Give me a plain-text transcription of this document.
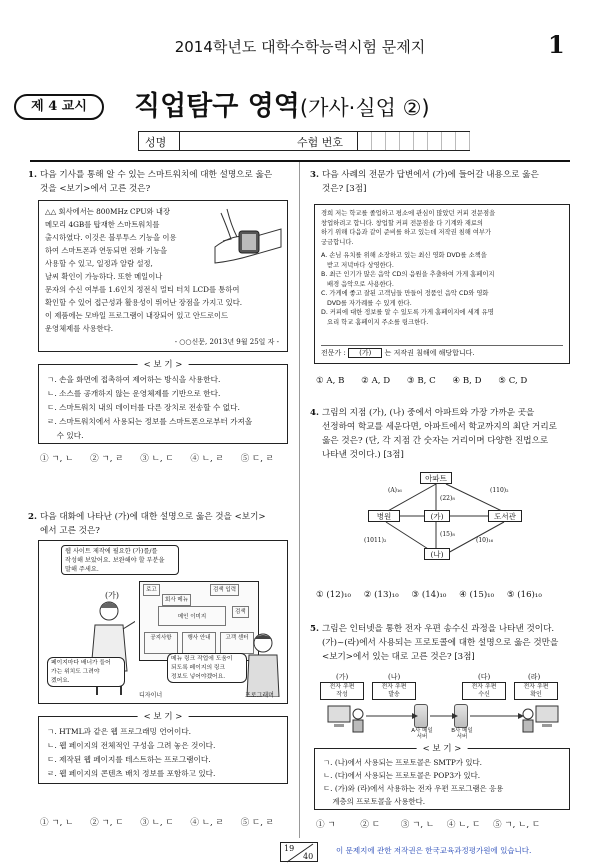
2014학년도 대학수학능력시험 문제지	1
제 4 교시	직업탐구 영역(가사·실업 ②)
성명	수험 번호
1. 다음 기사를 통해 알 수 있는 스마트워치에 대한 설명으로 옳은
것을 <보기>에서 고른 것은?
△△ 회사에서는 800MHz CPU와 내장
메모리 4GB를 탑재한 스마트워치를
출시하였다. 이것은 블루투스 기능을 이용
하여 스마트폰과 연동되면 전화 기능을
사용할 수 있고, 일정과 알람 설정,
날씨 확인이 가능하다. 또한 메일이나
문자의 수신 여부를 1.6인치 정전식 멀티 터치 LCD를 통하여
확인할 수 있어 접근성과 활용성이 뛰어난 장점을 가지고 있다.
이 제품에는 모바일 프로그램이 내장되어 있고 안드로이드
운영체제를 사용한다.
- ○○신문, 2013년 9월 25일 자 -
< 보 기 >
ㄱ. 손을 화면에 접촉하여 제어하는 방식을 사용한다.
ㄴ. 소스를 공개하지 않는 운영체제를 기반으로 한다.
ㄷ. 스마트워치 내의 데이터를 다른 장치로 전송할 수 없다.
ㄹ. 스마트워치에서 사용되는 정보를 스마트폰으로부터 가져올
수 있다.
① ㄱ, ㄴ ② ㄱ, ㄹ ③ ㄴ, ㄷ ④ ㄴ, ㄹ ⑤ ㄷ, ㄹ
2. 다음 대화에 나타난 (가)에 대한 설명으로 옳은 것을 <보기>
에서 고른 것은?
웹 사이트 제작에 필요한 (가)를/를
작성해 보았어요. 보완해야 할 부분을
말해 주세요.
(가)
로고
회사 메뉴
검색 입력
메인 이미지
검색
공지사항	행사 안내	고객 센터
페이지마다 배너가 들어
가는 위치도 그려야
겠어요.
메뉴 링크 작업에 도움이
되도록 페이지의 링크
정보도 넣어야겠어요.
디자이너	프로그래머
< 보 기 >
ㄱ. HTML과 같은 웹 프로그래밍 언어이다.
ㄴ. 웹 페이지의 전체적인 구성을 그려 놓은 것이다.
ㄷ. 제작된 웹 페이지를 테스트하는 프로그램이다.
ㄹ. 웹 페이지의 콘텐츠 배치 정보를 포함하고 있다.
① ㄱ, ㄴ ② ㄱ, ㄷ ③ ㄴ, ㄷ ④ ㄴ, ㄹ ⑤ ㄷ, ㄹ
3. 다음 사례의 전문가 답변에서 (가)에 들어갈 내용으로 옳은
것은? [3점]
경희 저는 학교를 졸업하고 평소에 관심이 많았던 커피 전문점을
창업하려고 합니다. 창업할 커피 전문점을 다 기계와 재료의
하기 위해 다음과 같이 준비를 하고 있는데 저작권 침해 여부가
궁금합니다.
A. 손님 유치를 위해 소장하고 있는 최신 영화 DVD를 소책을
받고 저녁마다 상영한다.
B. 최근 인기가 많은 음악 CD의 음원을 추출하여 가게 홈페이지
배경 음악으로 사용한다.
C. 가게에 좋고 잘된 고객님들 만들어 정품인 음악 CD와 영화
DVD를 자가례를 수 있게 한다.
D. 커피에 대한 정보를 알 수 있도록 가게 홈페이지에 세계 유명
요리 학교 홈페이지 주소를 링크한다.
전문가 : (가) 는 저작권 침해에 해당합니다.
① A, B ② A, D ③ B, C ④ B, D ⑤ C, D
4. 그림의 지점 (가), (나) 중에서 아파트와 가장 가까운 곳을
선정하여 학교를 세운다면, 아파트에서 학교까지의 최단 거리로
옳은 것은? (단, 각 지점 간 숫자는 거리이며 다양한 진법으로
나타낸 것이다.) [3점]
아파트
병원	(가)	도서관
(나)
(A)₁₆
(22)₈
(110)₂
(1011)₂
(15)₈
(10)₁₆
① (12)₁₀ ② (13)₁₀ ③ (14)₁₀ ④ (15)₁₀ ⑤ (16)₁₀
5. 그림은 인터넷을 통한 전자 우편 송수신 과정을 나타낸 것이다.
(가)~(라)에서 사용되는 프로토콜에 대한 설명으로 옳은 것만을
<보기>에서 있는 대로 고른 것은? [3점]
(가)	(나)	(다)	(라)
전자 우편
작성
전자 우편
발송
전자 우편
수신
전자 우편
확인
A사 메일
서버
B사 메일
서버
< 보 기 >
ㄱ. (나)에서 사용되는 프로토콜은 SMTP가 있다.
ㄴ. (다)에서 사용되는 프로토콜은 POP3가 있다.
ㄷ. (가)와 (라)에서 사용하는 전자 우편 프로그램은 응용
계층의 프로토콜을 사용한다.
① ㄱ	② ㄷ ③ ㄱ, ㄴ ④ ㄴ, ㄷ ⑤ ㄱ, ㄴ, ㄷ
19
40
이 문제지에 관한 저작권은 한국교육과정평가원에 있습니다.
